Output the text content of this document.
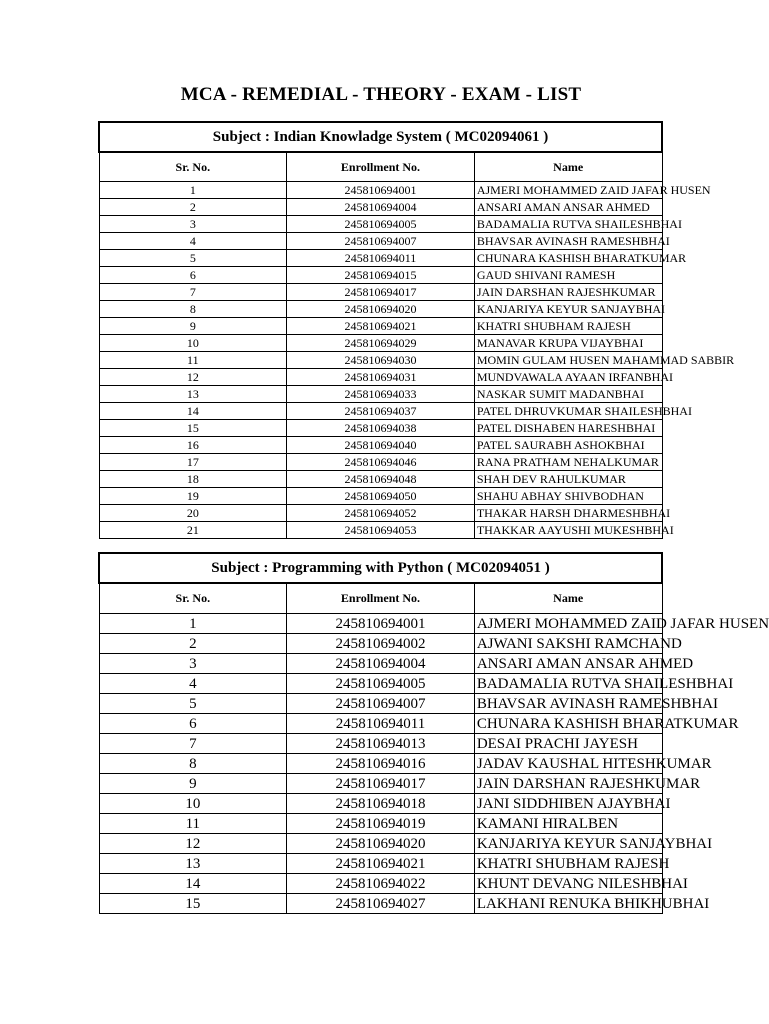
MCA - REMEDIAL - THEORY - EXAM - LIST
Subject : Indian Knowladge System ( MC02094061 )		
Sr. No.	Enrollment No.	Name
1	245810694001	AJMERI MOHAMMED ZAID JAFAR HUSEN
2	245810694004	ANSARI AMAN ANSAR AHMED
3	245810694005	BADAMALIA RUTVA SHAILESHBHAI
4	245810694007	BHAVSAR AVINASH RAMESHBHAI
5	245810694011	CHUNARA KASHISH BHARATKUMAR
6	245810694015	GAUD SHIVANI RAMESH
7	245810694017	JAIN DARSHAN RAJESHKUMAR
8	245810694020	KANJARIYA KEYUR SANJAYBHAI
9	245810694021	KHATRI SHUBHAM RAJESH
10	245810694029	MANAVAR KRUPA VIJAYBHAI
11	245810694030	MOMIN GULAM HUSEN MAHAMMAD SABBIR
12	245810694031	MUNDVAWALA AYAAN IRFANBHAI
13	245810694033	NASKAR SUMIT MADANBHAI
14	245810694037	PATEL DHRUVKUMAR SHAILESHBHAI
15	245810694038	PATEL DISHABEN HARESHBHAI
16	245810694040	PATEL SAURABH ASHOKBHAI
17	245810694046	RANA PRATHAM NEHALKUMAR
18	245810694048	SHAH DEV RAHULKUMAR
19	245810694050	SHAHU ABHAY SHIVBODHAN
20	245810694052	THAKAR HARSH DHARMESHBHAI
21	245810694053	THAKKAR AAYUSHI MUKESHBHAI
Subject : Programming with Python ( MC02094051 )		
Sr. No.	Enrollment No.	Name
1	245810694001	AJMERI MOHAMMED ZAID JAFAR HUSEN
2	245810694002	AJWANI SAKSHI RAMCHAND
3	245810694004	ANSARI AMAN ANSAR AHMED
4	245810694005	BADAMALIA RUTVA SHAILESHBHAI
5	245810694007	BHAVSAR AVINASH RAMESHBHAI
6	245810694011	CHUNARA KASHISH BHARATKUMAR
7	245810694013	DESAI PRACHI JAYESH
8	245810694016	JADAV KAUSHAL HITESHKUMAR
9	245810694017	JAIN DARSHAN RAJESHKUMAR
10	245810694018	JANI SIDDHIBEN AJAYBHAI
11	245810694019	KAMANI HIRALBEN
12	245810694020	KANJARIYA KEYUR SANJAYBHAI
13	245810694021	KHATRI SHUBHAM RAJESH
14	245810694022	KHUNT DEVANG NILESHBHAI
15	245810694027	LAKHANI RENUKA BHIKHUBHAI
